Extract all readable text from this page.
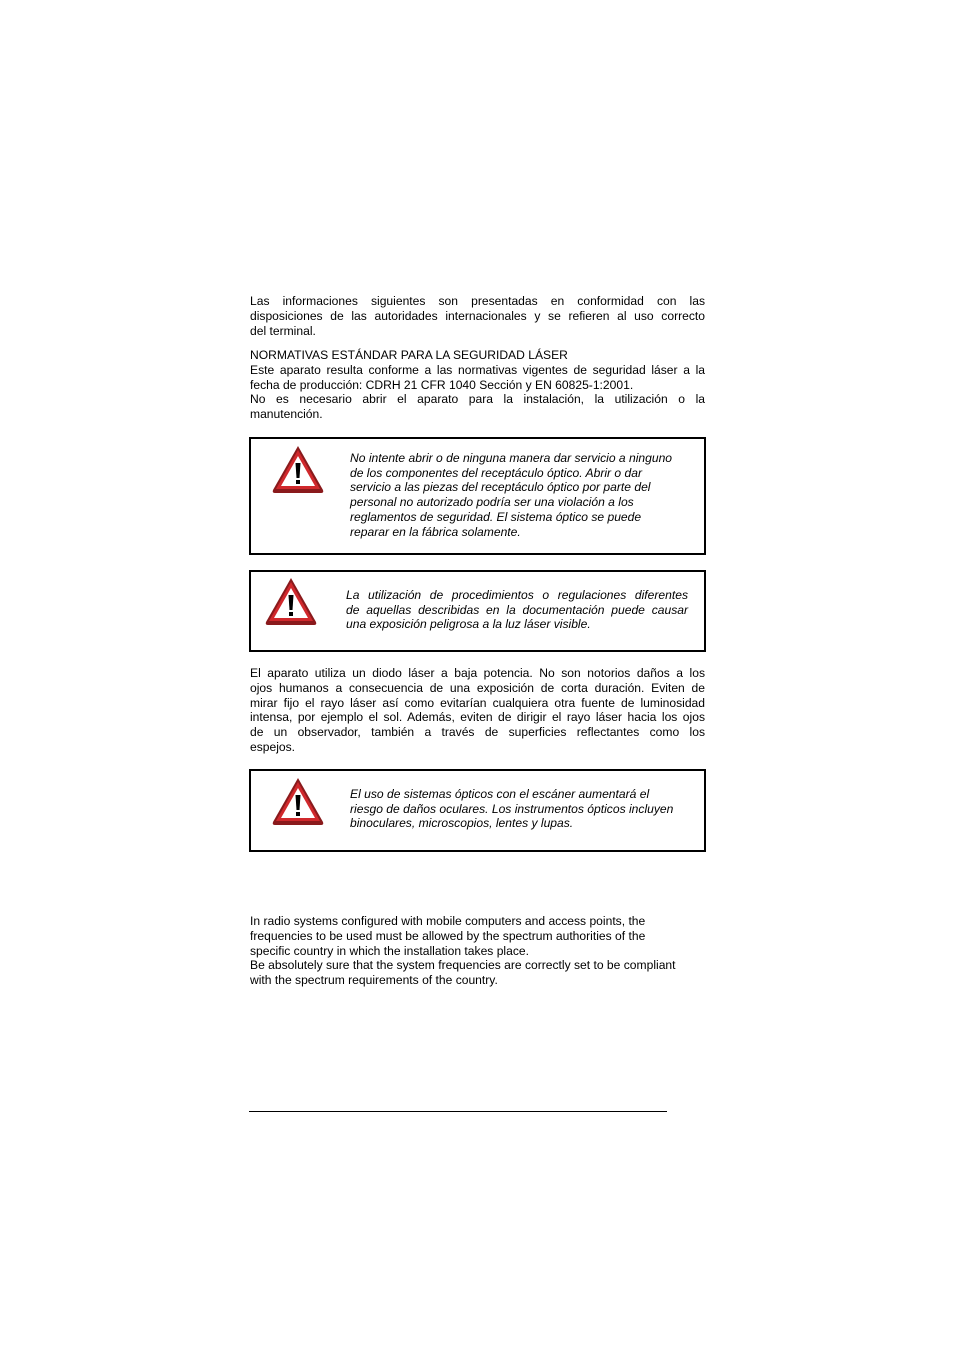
Las informaciones siguientes son presentadas en conformidad con las
disposiciones de las autoridades internacionales y se refieren al uso correcto
del terminal.
NORMATIVAS ESTÁNDAR PARA LA SEGURIDAD LÁSER
Este aparato resulta conforme a las normativas vigentes de seguridad láser a la
fecha de producción: CDRH 21 CFR 1040 Sección y EN 60825-1:2001.
No es necesario abrir el aparato para la instalación, la utilización o la
manutención.

No intente abrir o de ninguna manera dar servicio a ninguno
de los componentes del receptáculo óptico. Abrir o dar
servicio a las piezas del receptáculo óptico por parte del
personal no autorizado podría ser una violación a los
reglamentos de seguridad. El sistema óptico se puede
reparar en la fábrica solamente.

La utilización de procedimientos o regulaciones diferentes
de aquellas describidas en la documentación puede causar
una exposición peligrosa a la luz láser visible.

El aparato utiliza un diodo láser a baja potencia. No son notorios daños a los
ojos humanos a consecuencia de una exposición de corta duración. Eviten de
mirar fijo el rayo láser así como evitarían cualquiera otra fuente de luminosidad
intensa, por ejemplo el sol. Además, eviten de dirigir el rayo láser hacia los ojos
de un observador, también a través de superficies reflectantes como los
espejos.

El uso de sistemas ópticos con el escáner aumentará el
riesgo de daños oculares. Los instrumentos ópticos incluyen
binoculares, microscopios, lentes y lupas.

In radio systems configured with mobile computers and access points, the
frequencies to be used must be allowed by the spectrum authorities of the
specific country in which the installation takes place.
Be absolutely sure that the system frequencies are correctly set to be compliant
with the spectrum requirements of the country.
